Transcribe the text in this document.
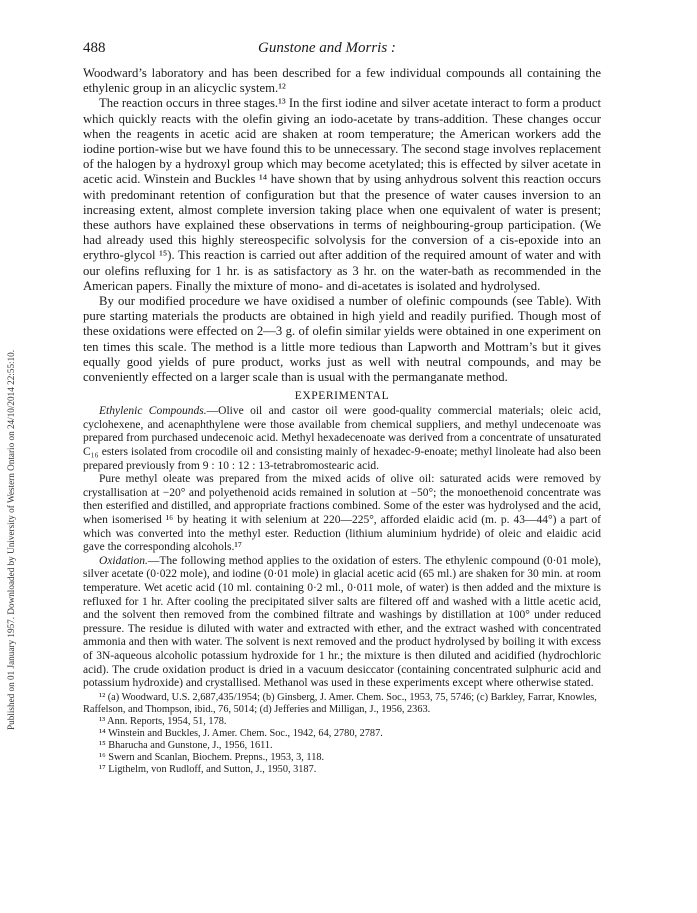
Published on 01 January 1957. Downloaded by University of Western Ontario on 24/10/2014 22:55:10.
488	Gunstone and Morris :

Woodward’s laboratory and has been described for a few individual compounds all containing the ethylenic group in an alicyclic system.¹²

The reaction occurs in three stages.¹³ In the first iodine and silver acetate interact to form a product which quickly reacts with the olefin giving an iodo-acetate by trans-addition. These changes occur when the reagents in acetic acid are shaken at room temperature; the American workers add the iodine portion-wise but we have found this to be unnecessary. The second stage involves replacement of the halogen by a hydroxyl group which may become acetylated; this is effected by silver acetate in acetic acid. Winstein and Buckles ¹⁴ have shown that by using anhydrous solvent this reaction occurs with predominant retention of configuration but that the presence of water causes inversion to an increasing extent, almost complete inversion taking place when one equivalent of water is present; these authors have explained these observations in terms of neighbouring-group participation. (We had already used this highly stereospecific solvolysis for the conversion of a cis-epoxide into an erythro-glycol ¹⁵). This reaction is carried out after addition of the required amount of water and with our olefins refluxing for 1 hr. is as satisfactory as 3 hr. on the water-bath as recommended in the American papers. Finally the mixture of mono- and di-acetates is isolated and hydrolysed.

By our modified procedure we have oxidised a number of olefinic compounds (see Table). With pure starting materials the products are obtained in high yield and readily purified. Though most of these oxidations were effected on 2—3 g. of olefin similar yields were obtained in one experiment on ten times this scale. The method is a little more tedious than Lapworth and Mottram’s but it gives equally good yields of pure product, works just as well with neutral compounds, and may be conveniently effected on a larger scale than is usual with the permanganate method.

EXPERIMENTAL

Ethylenic Compounds.—Olive oil and castor oil were good-quality commercial materials; oleic acid, cyclohexene, and acenaphthylene were those available from chemical suppliers, and methyl undecenoate was prepared from purchased undecenoic acid. Methyl hexadecenoate was derived from a concentrate of unsaturated C₁₆ esters isolated from crocodile oil and consisting mainly of hexadec-9-enoate; methyl linoleate had also been prepared previously from 9 : 10 : 12 : 13-tetrabromostearic acid.

Pure methyl oleate was prepared from the mixed acids of olive oil: saturated acids were removed by crystallisation at −20° and polyethenoid acids remained in solution at −50°; the monoethenoid concentrate was then esterified and distilled, and appropriate fractions combined. Some of the ester was hydrolysed and the acid, when isomerised ¹⁶ by heating it with selenium at 220—225°, afforded elaidic acid (m. p. 43—44°) a part of which was converted into the methyl ester. Reduction (lithium aluminium hydride) of oleic and elaidic acid gave the corresponding alcohols.¹⁷

Oxidation.—The following method applies to the oxidation of esters. The ethylenic compound (0·01 mole), silver acetate (0·022 mole), and iodine (0·01 mole) in glacial acetic acid (65 ml.) are shaken for 30 min. at room temperature. Wet acetic acid (10 ml. containing 0·2 ml., 0·011 mole, of water) is then added and the mixture is refluxed for 1 hr. After cooling the precipitated silver salts are filtered off and washed with a little acetic acid, and the solvent then removed from the combined filtrate and washings by distillation at 100° under reduced pressure. The residue is diluted with water and extracted with ether, and the extract washed with concentrated ammonia and then with water. The solvent is next removed and the product hydrolysed by boiling it with excess of 3N-aqueous alcoholic potassium hydroxide for 1 hr.; the mixture is then diluted and acidified (hydrochloric acid). The crude oxidation product is dried in a vacuum desiccator (containing concentrated sulphuric acid and potassium hydroxide) and crystallised. Methanol was used in these experiments except where otherwise stated.

¹² (a) Woodward, U.S. 2,687,435/1954; (b) Ginsberg, J. Amer. Chem. Soc., 1953, 75, 5746; (c) Barkley, Farrar, Knowles, Raffelson, and Thompson, ibid., 76, 5014; (d) Jefferies and Milligan, J., 1956, 2363.

¹³ Ann. Reports, 1954, 51, 178.

¹⁴ Winstein and Buckles, J. Amer. Chem. Soc., 1942, 64, 2780, 2787.

¹⁵ Bharucha and Gunstone, J., 1956, 1611.

¹⁶ Swern and Scanlan, Biochem. Prepns., 1953, 3, 118.

¹⁷ Ligthelm, von Rudloff, and Sutton, J., 1950, 3187.
